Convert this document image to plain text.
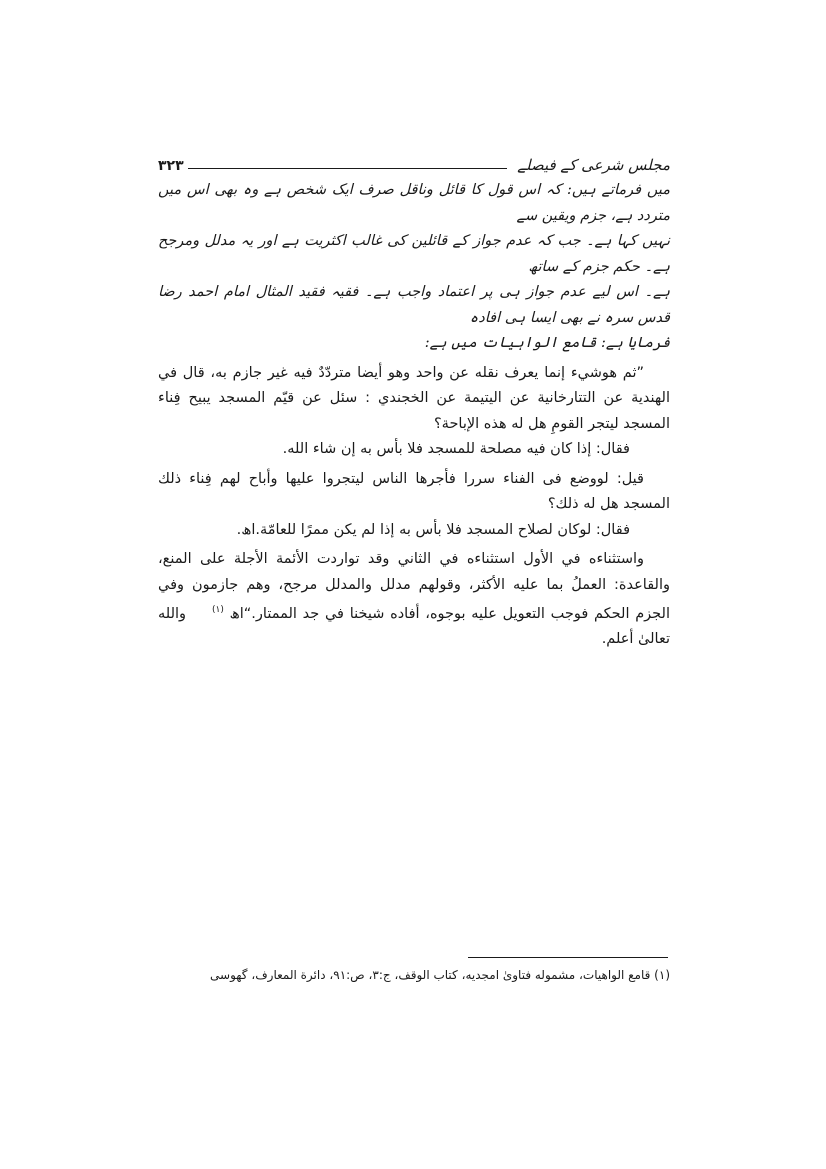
مجلس شرعی کے فیصلے
۳۲۳

میں فرماتے ہیں: کہ اس قول کا قائل وناقل صرف ایک شخص ہے وہ بھی اس میں متردد ہے، جزم ویقین سے

نہیں کہا ہے۔ جب کہ عدم جواز کے قائلین کی غالب اکثریت ہے اور یہ مدلل ومرجح ہے۔ حکم جزم کے ساتھ

ہے۔ اس لیے عدم جواز ہی پر اعتماد واجب ہے۔ فقیہ فقید المثال امام احمد رضا قدس سرہ نے بھی ایسا ہی افادہ

فرمایا ہے: قامع الواہیات میں ہے:

”ثم هوشيء إنما يعرف نقله عن واحد وهو أيضا متردّدٌ فيه غير جازم به، قال في الهندية عن التتارخانية عن اليتيمة عن الخجندي : سئل عن قيّم المسجد يبيح فِناء المسجد ليتجر القومِ هل له هذه الإباحة؟

فقال: إذا كان فيه مصلحة للمسجد فلا بأس به إن شاء الله.

قيل: لووضع فى الفناء سررا فأجرها الناس ليتجروا عليها وأباح لهم فِناء ذلك المسجد هل له ذلك؟

فقال: لوكان لصلاح المسجد فلا بأس به إذا لم يكن ممرًا للعامّة.اھ.

واستثناءه في الأول استثناءه في الثاني وقد تواردت الأئمة الأجلة على المنع، والقاعدة: العملُ بما عليه الأكثر، وقولهم مدلل والمدلل مرجح، وهم جازمون وفي الجزم الحكم فوجب التعويل عليه بوجوه، أفاده شيخنا في جد الممتار.“اھ $^{(۱)}$والله تعالىٰ أعلم.

(۱) قامع الواهيات، مشموله فتاویٰ امجدیه، كتاب الوقف، ج:٣، ص:٩١، دائرة المعارف، گھوسی
